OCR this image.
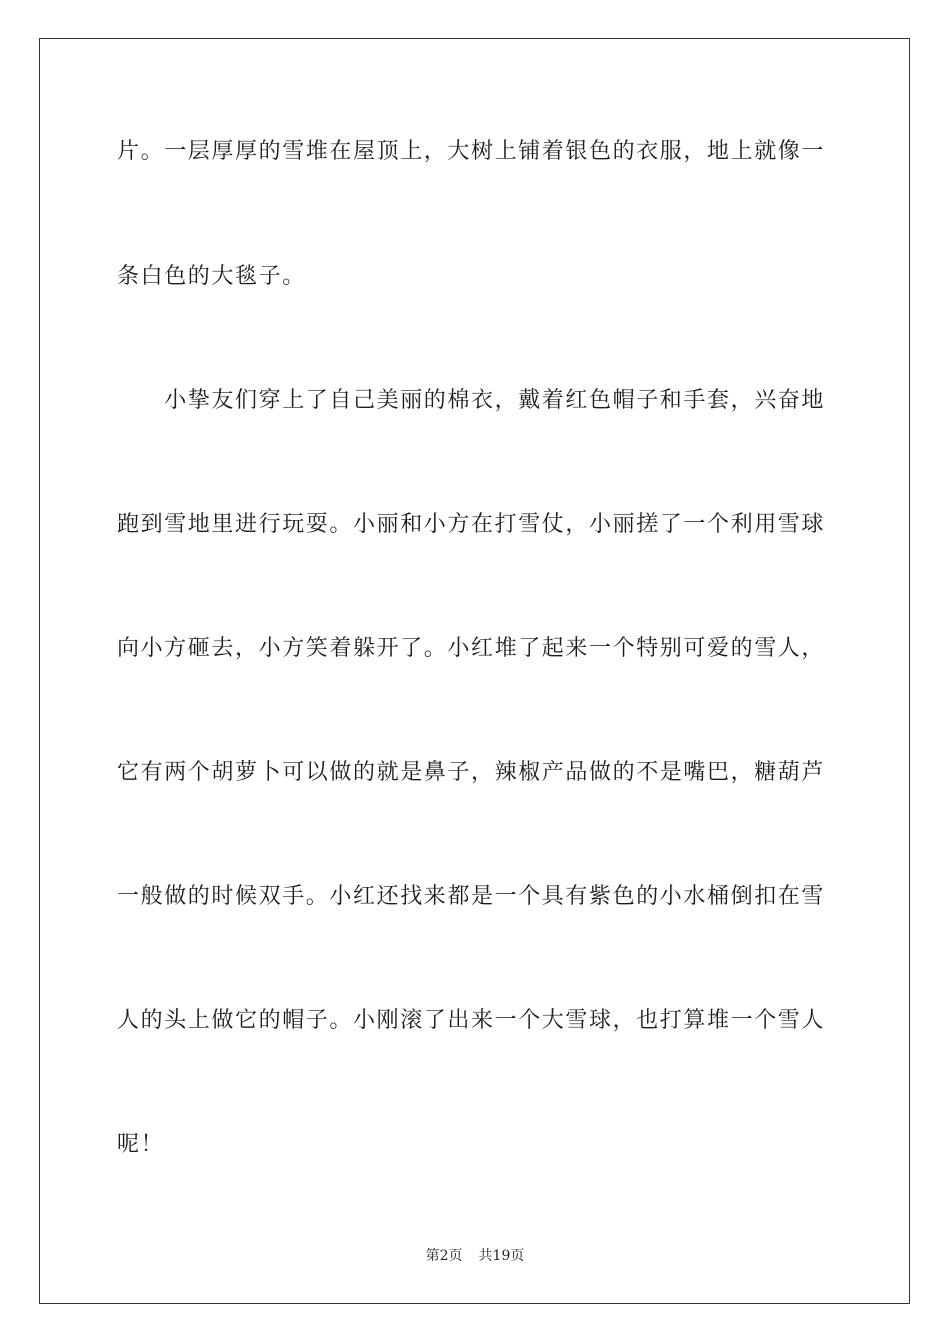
片。一层厚厚的雪堆在屋顶上，大树上铺着银色的衣服，地上就像一
条白色的大毯子。
　　小挚友们穿上了自己美丽的棉衣，戴着红色帽子和手套，兴奋地
跑到雪地里进行玩耍。小丽和小方在打雪仗，小丽搓了一个利用雪球
向小方砸去，小方笑着躲开了。小红堆了起来一个特别可爱的雪人，
它有两个胡萝卜可以做的就是鼻子，辣椒产品做的不是嘴巴，糖葫芦
一般做的时候双手。小红还找来都是一个具有紫色的小水桶倒扣在雪
人的头上做它的帽子。小刚滚了出来一个大雪球，也打算堆一个雪人
呢！
第2页 共19页
